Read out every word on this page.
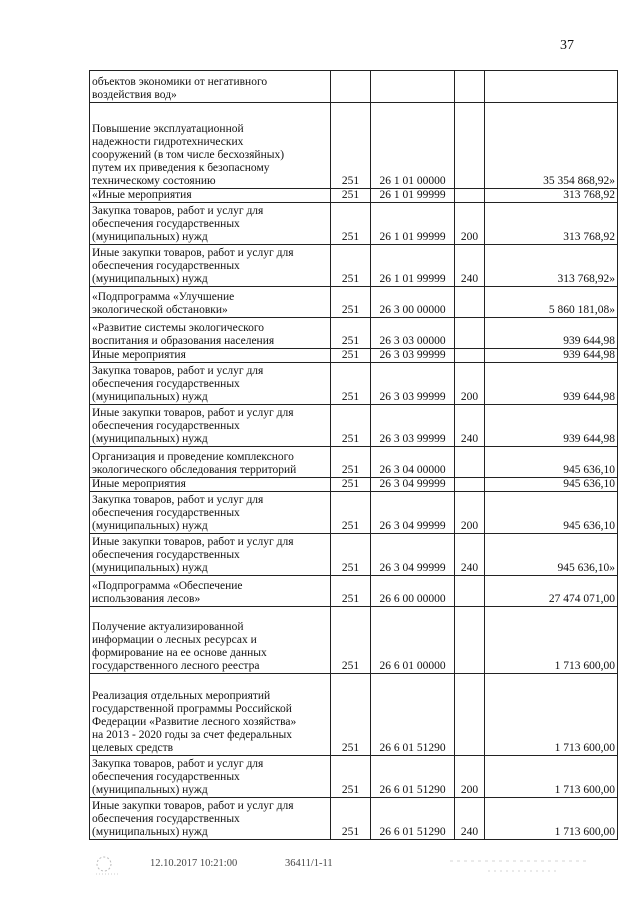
37
объектов экономики от негативного
воздействия вод»				
Повышение эксплуатационной
надежности гидротехнических
сооружений (в том числе бесхозяйных)
путем их приведения к безопасному
техническому состоянию	251	26 1 01 00000		35 354 868,92»
«Иные мероприятия	251	26 1 01 99999		313 768,92
Закупка товаров, работ и услуг для
обеспечения государственных
(муниципальных) нужд	251	26 1 01 99999	200	313 768,92
Иные закупки товаров, работ и услуг для
обеспечения государственных
(муниципальных) нужд	251	26 1 01 99999	240	313 768,92»
«Подпрограмма «Улучшение
экологической обстановки»	251	26 3 00 00000		5 860 181,08»
«Развитие системы экологического
воспитания и образования населения	251	26 3 03 00000		939 644,98
Иные мероприятия	251	26 3 03 99999		939 644,98
Закупка товаров, работ и услуг для
обеспечения государственных
(муниципальных) нужд	251	26 3 03 99999	200	939 644,98
Иные закупки товаров, работ и услуг для
обеспечения государственных
(муниципальных) нужд	251	26 3 03 99999	240	939 644,98
Организация и проведение комплексного
экологического обследования территорий	251	26 3 04 00000		945 636,10
Иные мероприятия	251	26 3 04 99999		945 636,10
Закупка товаров, работ и услуг для
обеспечения государственных
(муниципальных) нужд	251	26 3 04 99999	200	945 636,10
Иные закупки товаров, работ и услуг для
обеспечения государственных
(муниципальных) нужд	251	26 3 04 99999	240	945 636,10»
«Подпрограмма «Обеспечение
использования лесов»	251	26 6 00 00000		27 474 071,00
Получение актуализированной
информации о лесных ресурсах и
формирование на ее основе данных
государственного лесного реестра	251	26 6 01 00000		1 713 600,00
Реализация отдельных мероприятий
государственной программы Российской
Федерации «Развитие лесного хозяйства»
на 2013 - 2020 годы за счет федеральных
целевых средств	251	26 6 01 51290		1 713 600,00
Закупка товаров, работ и услуг для
обеспечения государственных
(муниципальных) нужд	251	26 6 01 51290	200	1 713 600,00
Иные закупки товаров, работ и услуг для
обеспечения государственных
(муниципальных) нужд	251	26 6 01 51290	240	1 713 600,00
12.10.2017 10:21:00	36411/1-11
